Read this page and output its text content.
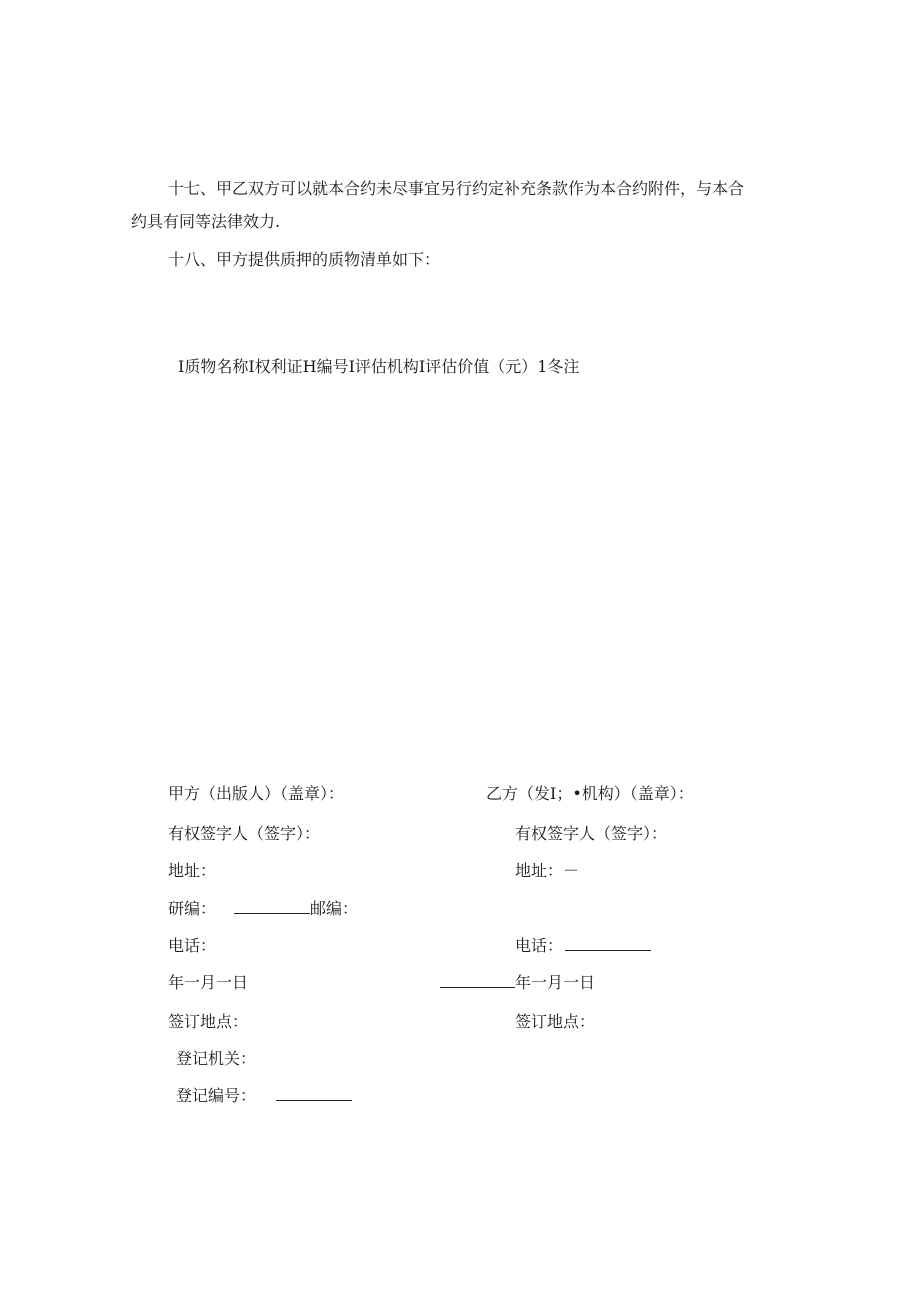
十七、甲乙双方可以就本合约未尽事宜另行约定补充条款作为本合约附件，与本合
约具有同等法律效力.
十八、甲方提供质押的质物清单如下：
I质物名称I权利证H编号I评估机构I评估价值（元）1冬注
甲方（出版人）（盖章）：
有权签字人（签字）：
地址：
研编：	邮编：
电话：
年一月一日
签订地点：
登记机关：
登记编号：
乙方（发I；•机构）（盖章）：
有权签字人（签字）：
地址：－
电话：
年一月一日
签订地点：
